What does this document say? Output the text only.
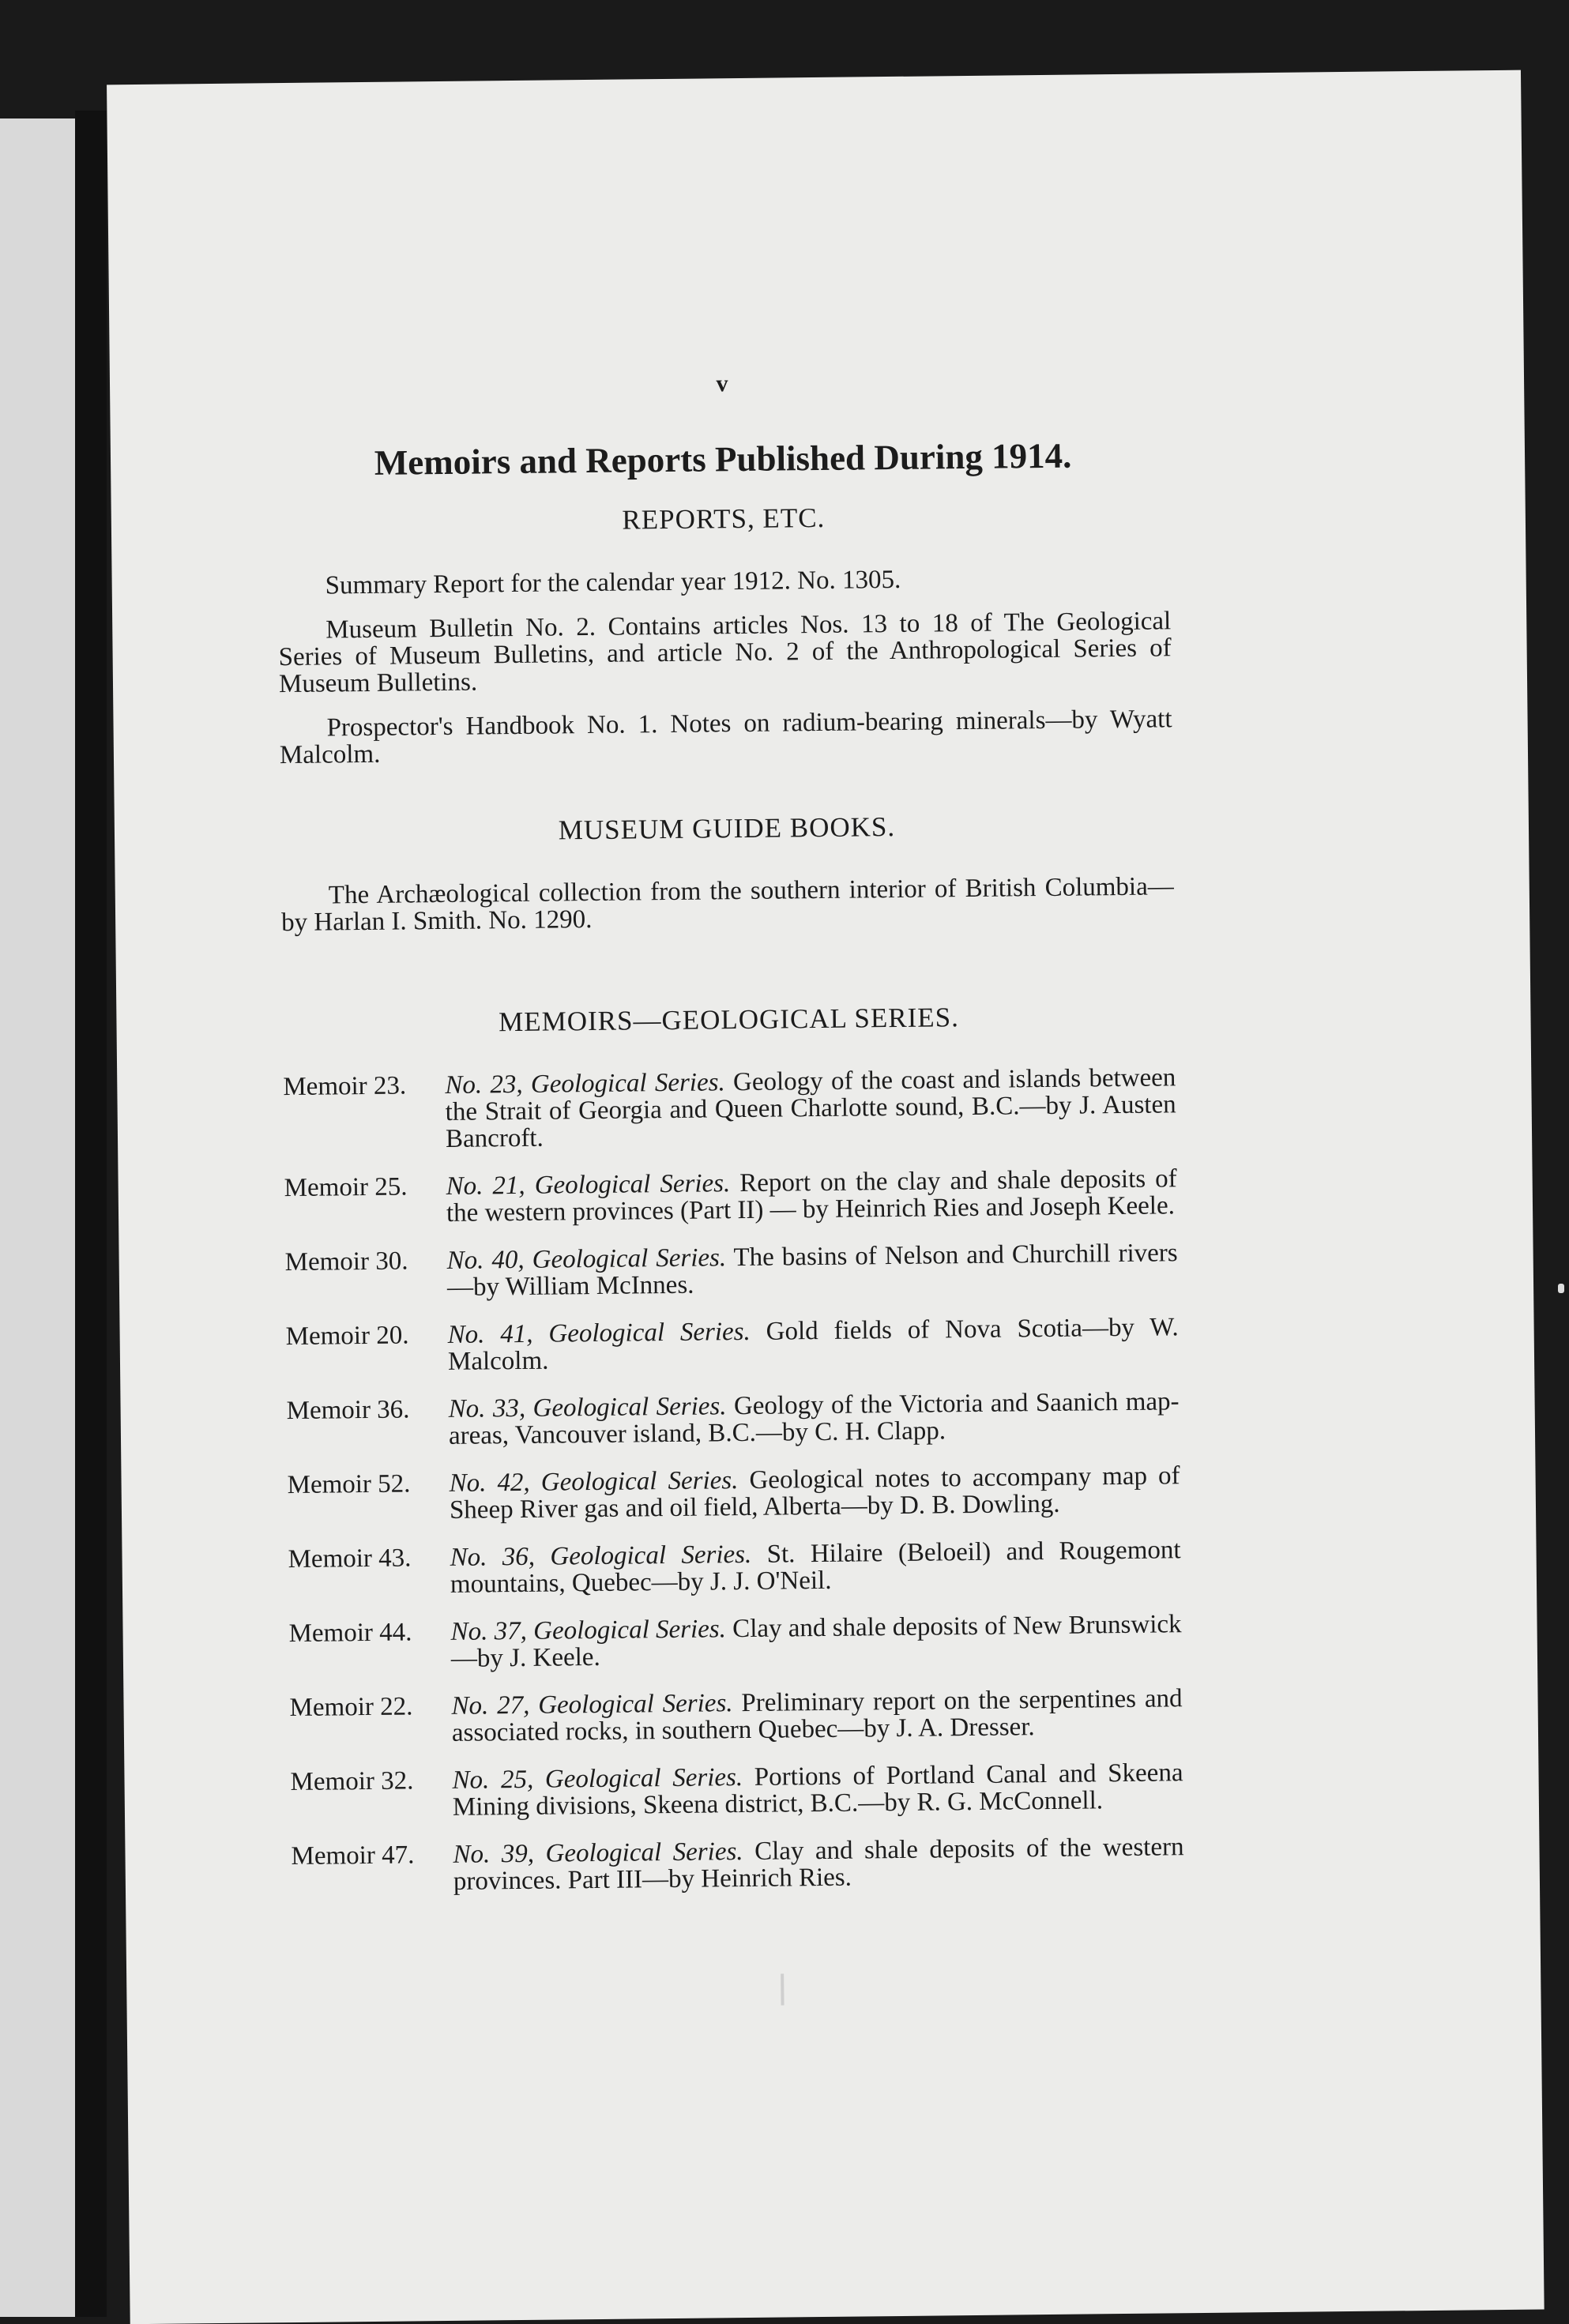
v
Memoirs and Reports Published During 1914.
REPORTS, ETC.

Summary Report for the calendar year 1912. No. 1305.

Museum Bulletin No. 2. Contains articles Nos. 13 to 18 of The Geological Series of Museum Bulletins, and article No. 2 of the Anthropological Series of Museum Bulletins.

Prospector's Handbook No. 1. Notes on radium-bearing minerals—by Wyatt Malcolm.

MUSEUM GUIDE BOOKS.

The Archæological collection from the southern interior of British Columbia—by Harlan I. Smith. No. 1290.

MEMOIRS—GEOLOGICAL SERIES.
Memoir 23.	No. 23, Geological Series. Geology of the coast and islands between the Strait of Georgia and Queen Charlotte sound, B.C.—by J. Austen Bancroft.
Memoir 25.	No. 21, Geological Series. Report on the clay and shale deposits of the western provinces (Part II) — by Heinrich Ries and Joseph Keele.
Memoir 30.	No. 40, Geological Series. The basins of Nelson and Churchill rivers—by William McInnes.
Memoir 20.	No. 41, Geological Series. Gold fields of Nova Scotia—by W. Malcolm.
Memoir 36.	No. 33, Geological Series. Geology of the Victoria and Saanich map-areas, Vancouver island, B.C.—by C. H. Clapp.
Memoir 52.	No. 42, Geological Series. Geological notes to accompany map of Sheep River gas and oil field, Alberta—by D. B. Dowling.
Memoir 43.	No. 36, Geological Series. St. Hilaire (Beloeil) and Rougemont mountains, Quebec—by J. J. O'Neil.
Memoir 44.	No. 37, Geological Series. Clay and shale deposits of New Brunswick—by J. Keele.
Memoir 22.	No. 27, Geological Series. Preliminary report on the serpentines and associated rocks, in southern Quebec—by J. A. Dresser.
Memoir 32.	No. 25, Geological Series. Portions of Portland Canal and Skeena Mining divisions, Skeena district, B.C.—by R. G. McConnell.
Memoir 47.	No. 39, Geological Series. Clay and shale deposits of the western provinces. Part III—by Heinrich Ries.
